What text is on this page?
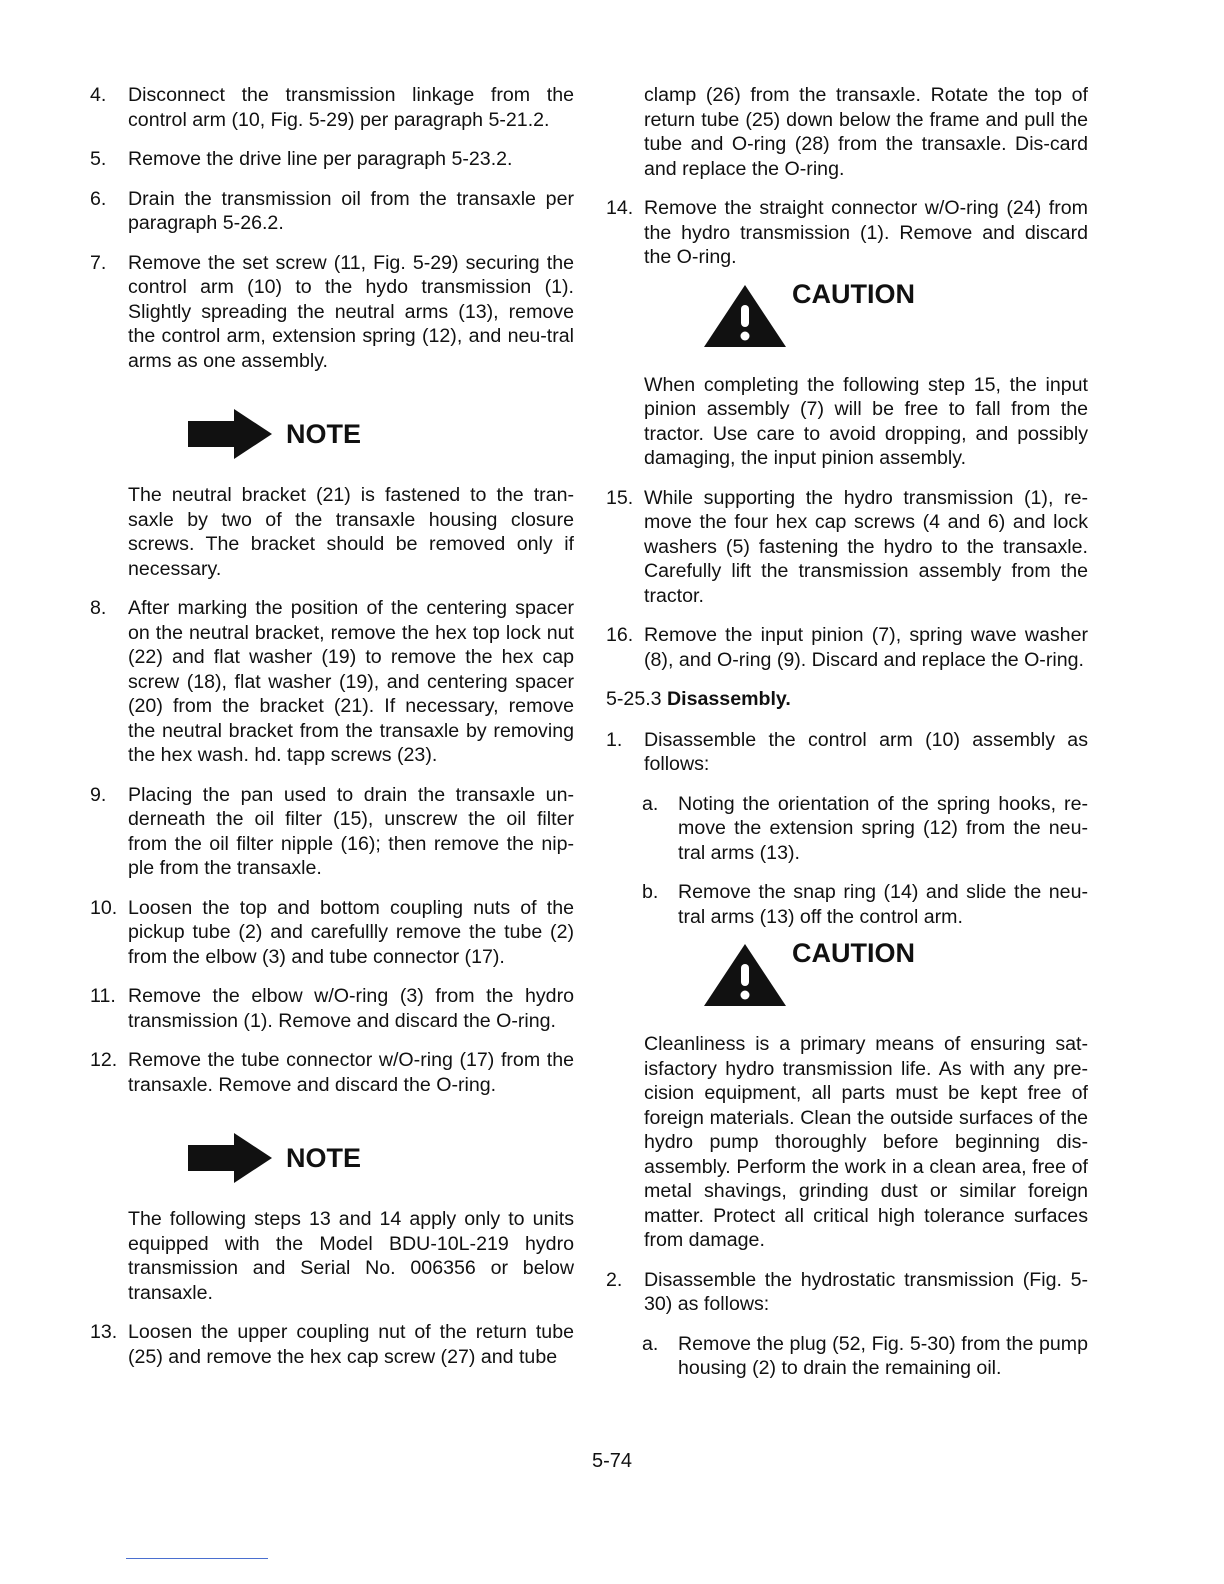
4. Disconnect the transmission linkage from the control arm (10, Fig. 5-29) per paragraph 5-21.2.
5. Remove the drive line per paragraph 5-23.2.
6. Drain the transmission oil from the transaxle per paragraph 5-26.2.
7. Remove the set screw (11, Fig. 5-29) securing the control arm (10) to the hydo transmission (1). Slightly spreading the neutral arms (13), remove the control arm, extension spring (12), and neu-tral arms as one assembly.
NOTE
The neutral bracket (21) is fastened to the tran-saxle by two of the transaxle housing closure screws. The bracket should be removed only if necessary.
8. After marking the position of the centering spacer on the neutral bracket, remove the hex top lock nut (22) and flat washer (19) to remove the hex cap screw (18), flat washer (19), and centering spacer (20) from the bracket (21). If necessary, remove the neutral bracket from the transaxle by removing the hex wash. hd. tapp screws (23).
9. Placing the pan used to drain the transaxle un-derneath the oil filter (15), unscrew the oil filter from the oil filter nipple (16); then remove the nip-ple from the transaxle.
10. Loosen the top and bottom coupling nuts of the pickup tube (2) and carefullly remove the tube (2) from the elbow (3) and tube connector (17).
11. Remove the elbow w/O-ring (3) from the hydro transmission (1). Remove and discard the O-ring.
12. Remove the tube connector w/O-ring (17) from the transaxle. Remove and discard the O-ring.
NOTE
The following steps 13 and 14 apply only to units equipped with the Model BDU-10L-219 hydro transmission and Serial No. 006356 or below transaxle.
13. Loosen the upper coupling nut of the return tube (25) and remove the hex cap screw (27) and tube
clamp (26) from the transaxle. Rotate the top of return tube (25) down below the frame and pull the tube and O-ring (28) from the transaxle. Dis-card and replace the O-ring.
14. Remove the straight connector w/O-ring (24) from the hydro transmission (1). Remove and discard the O-ring.
CAUTION
When completing the following step 15, the input pinion assembly (7) will be free to fall from the tractor. Use care to avoid dropping, and possibly damaging, the input pinion assembly.
15. While supporting the hydro transmission (1), re-move the four hex cap screws (4 and 6) and lock washers (5) fastening the hydro to the transaxle. Carefully lift the transmission assembly from the tractor.
16. Remove the input pinion (7), spring wave washer (8), and O-ring (9). Discard and replace the O-ring.
5-25.3 Disassembly.
1. Disassemble the control arm (10) assembly as follows:
a. Noting the orientation of the spring hooks, re-move the extension spring (12) from the neu-tral arms (13).
b. Remove the snap ring (14) and slide the neu-tral arms (13) off the control arm.
CAUTION
Cleanliness is a primary means of ensuring sat-isfactory hydro transmission life. As with any pre-cision equipment, all parts must be kept free of foreign materials. Clean the outside surfaces of the hydro pump thoroughly before beginning dis-assembly. Perform the work in a clean area, free of metal shavings, grinding dust or similar foreign matter. Protect all critical high tolerance surfaces from damage.
2. Disassemble the hydrostatic transmission (Fig. 5-30) as follows:
a. Remove the plug (52, Fig. 5-30) from the pump housing (2) to drain the remaining oil.
5-74
